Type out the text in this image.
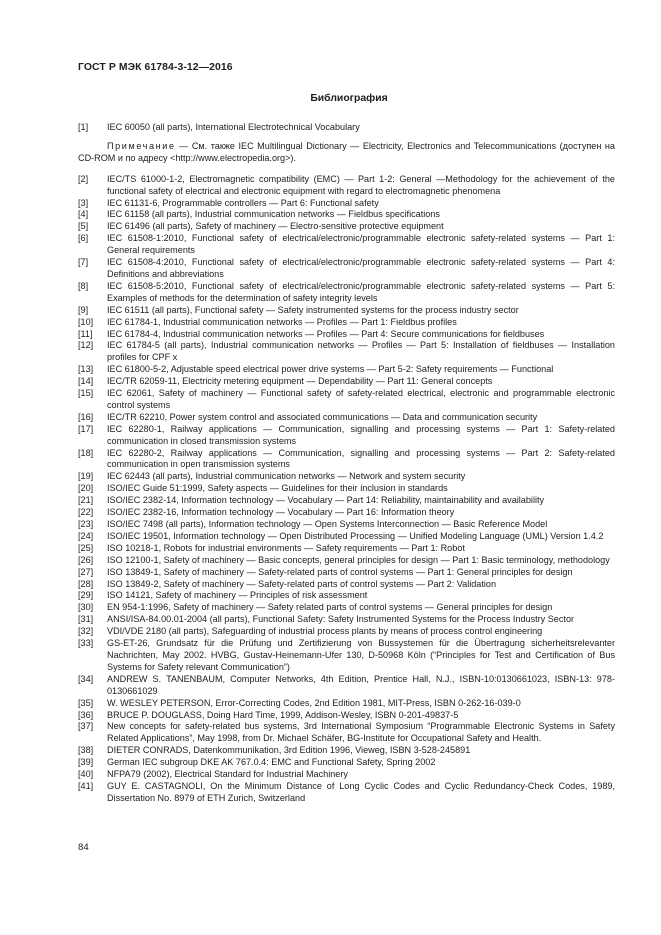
ГОСТ Р МЭК 61784-3-12—2016
Библиография
[1]	IEC 60050 (all parts), International Electrotechnical Vocabulary
Примечание — См. также IEC Multilingual Dictionary — Electricity, Electronics and Telecommunications (доступен на CD-ROM и по адресу <http://www.electropedia.org>).
[2]	IEC/TS 61000-1-2, Electromagnetic compatibility (EMC) — Part 1-2: General —Methodology for the achievement of the functional safety of electrical and electronic equipment with regard to electromagnetic phenomena
[3]	IEC 61131-6, Programmable controllers — Part 6: Functional safety
[4]	IEC 61158 (all parts), Industrial communication networks — Fieldbus specifications
[5]	IEC 61496 (all parts), Safety of machinery — Electro-sensitive protective equipment
[6]	IEC 61508-1:2010, Functional safety of electrical/electronic/programmable electronic safety-related systems — Part 1: General requirements
[7]	IEC 61508-4:2010, Functional safety of electrical/electronic/programmable electronic safety-related systems — Part 4: Definitions and abbreviations
[8]	IEC 61508-5:2010, Functional safety of electrical/electronic/programmable electronic safety-related systems — Part 5: Examples of methods for the determination of safety integrity levels
[9]	IEC 61511 (all parts), Functional safety — Safety instrumented systems for the process industry sector
[10]	IEC 61784-1, Industrial communication networks — Profiles — Part 1: Fieldbus profiles
[11]	IEC 61784-4, Industrial communication networks — Profiles — Part 4: Secure communications for fieldbuses
[12]	IEC 61784-5 (all parts), Industrial communication networks — Profiles — Part 5: Installation of fieldbuses — Installation profiles for CPF x
[13]	IEC 61800-5-2, Adjustable speed electrical power drive systems — Part 5-2: Safety requirements — Functional
[14]	IEC/TR 62059-11, Electricity metering equipment — Dependability — Part 11: General concepts
[15]	IEC 62061, Safety of machinery — Functional safety of safety-related electrical, electronic and programmable electronic control systems
[16]	IEC/TR 62210, Power system control and associated communications — Data and communication security
[17]	IEC 62280-1, Railway applications — Communication, signalling and processing systems — Part 1: Safety-related communication in closed transmission systems
[18]	IEC 62280-2, Railway applications — Communication, signalling and processing systems — Part 2: Safety-related communication in open transmission systems
[19]	IEC 62443 (all parts), Industrial communication networks — Network and system security
[20]	ISO/IEC Guide 51:1999, Safety aspects — Guidelines for their inclusion in standards
[21]	ISO/IEC 2382-14, Information technology — Vocabulary — Part 14: Reliability, maintainability and availability
[22]	ISO/IEC 2382-16, Information technology — Vocabulary — Part 16: Information theory
[23]	ISO/IEC 7498 (all parts), Information technology — Open Systems Interconnection — Basic Reference Model
[24]	ISO/IEC 19501, Information technology — Open Distributed Processing — Unified Modeling Language (UML) Version 1.4.2
[25]	ISO 10218-1, Robots for industrial environments — Safety requirements — Part 1: Robot
[26]	ISO 12100-1, Safety of machinery — Basic concepts, general principles for design — Part 1: Basic terminology, methodology
[27]	ISO 13849-1, Safety of machinery — Safety-related parts of control systems — Part 1: General principles for design
[28]	ISO 13849-2, Safety of machinery — Safety-related parts of control systems — Part 2: Validation
[29]	ISO 14121, Safety of machinery — Principles of risk assessment
[30]	EN 954-1:1996, Safety of machinery — Safety related parts of control systems — General principles for design
[31]	ANSI/ISA-84.00.01-2004 (all parts), Functional Safety: Safety Instrumented Systems for the Process Industry Sector
[32]	VDI/VDE 2180 (all parts), Safeguarding of industrial process plants by means of process control engineering
[33]	GS-ET-26, Grundsatz für die Prüfung und Zertifizierung von Bussystemen für die Übertragung sicherheitsrelevanter Nachrichten, May 2002. HVBG, Gustav-Heinemann-Ufer 130, D-50968 Köln (“Principles for Test and Certification of Bus Systems for Safety relevant Communication”)
[34]	ANDREW S. TANENBAUM, Computer Networks, 4th Edition, Prentice Hall, N.J., ISBN-10:0130661023, ISBN-13: 978-0130661029
[35]	W. WESLEY PETERSON, Error-Correcting Codes, 2nd Edition 1981, MIT-Press, ISBN 0-262-16-039-0
[36]	BRUCE P. DOUGLASS, Doing Hard Time, 1999, Addison-Wesley, ISBN 0-201-49837-5
[37]	New concepts for safety-related bus systems, 3rd International Symposium “Programmable Electronic Systems in Safety Related Applications”, May 1998, from Dr. Michael Schäfer, BG-Institute for Occupational Safety and Health.
[38]	DIETER CONRADS, Datenkommunikation, 3rd Edition 1996, Vieweg, ISBN 3-528-245891
[39]	German IEC subgroup DKE AK 767.0.4: EMC and Functional Safety, Spring 2002
[40]	NFPA79 (2002), Electrical Standard for Industrial Machinery
[41]	GUY E. CASTAGNOLI, On the Minimum Distance of Long Cyclic Codes and Cyclic Redundancy-Check Codes, 1989, Dissertation No. 8979 of ETH Zurich, Switzerland
84
